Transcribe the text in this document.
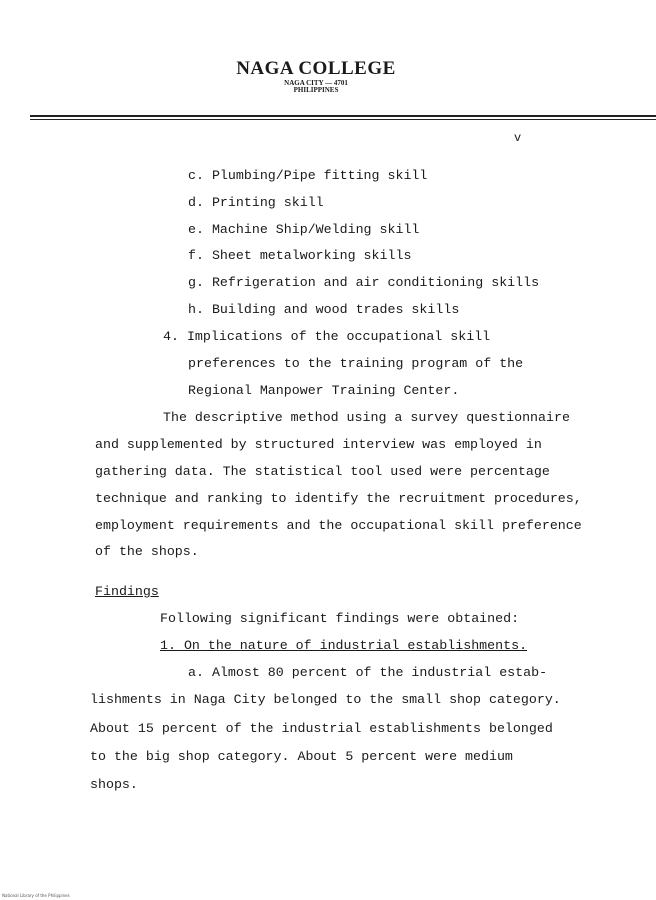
NAGA COLLEGE
NAGA CITY — 4701
PHILIPPINES
v
c. Plumbing/Pipe fitting skill
d. Printing skill
e. Machine Ship/Welding skill
f. Sheet metalworking skills
g. Refrigeration and air conditioning skills
h. Building and wood trades skills
4. Implications of the occupational skill
preferences to the training program of the
Regional Manpower Training Center.
The descriptive method using a survey questionnaire
and supplemented by structured interview was employed in
gathering data. The statistical tool used were percentage
technique and ranking to identify the recruitment procedures,
employment requirements and the occupational skill preference
of the shops.
Findings
Following significant findings were obtained:
1. On the nature of industrial establishments.
a. Almost 80 percent of the industrial estab-
lishments in Naga City belonged to the small shop category.
About 15 percent of the industrial establishments belonged
to the big shop category. About 5 percent were medium
shops.
National Library of the Philippines
